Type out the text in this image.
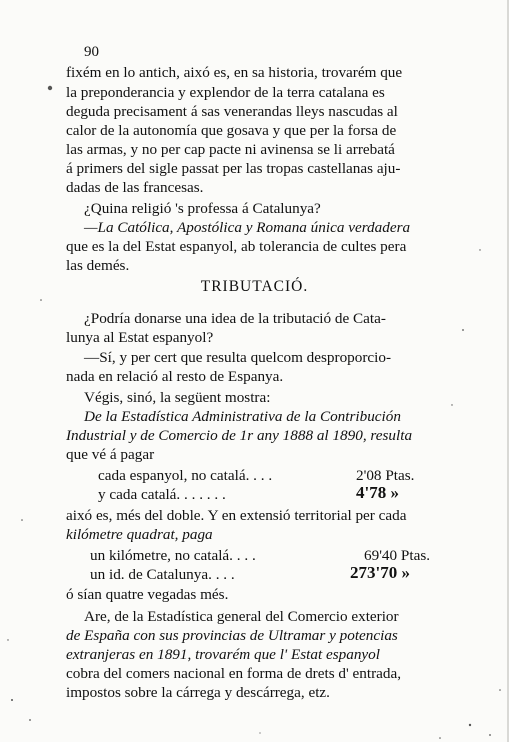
90
fixém en lo antich, aixó es, en sa historia, trovarém que
la preponderancia y explendor de la terra catalana es
deguda precisament á sas venerandas lleys nascudas al
calor de la autonomía que gosava y que per la forsa de
las armas, y no per cap pacte ni avinensa se li arrebatá
á primers del sigle passat per las tropas castellanas aju-
dadas de las francesas.
¿Quina religió 's professa á Catalunya?
—La Católica, Apostólica y Romana única verdadera
que es la del Estat espanyol, ab tolerancia de cultes pera
las demés.
TRIBUTACIÓ.
¿Podría donarse una idea de la tributació de Cata-
lunya al Estat espanyol?
—Sí, y per cert que resulta quelcom desproporcio-
nada en relació al resto de Espanya.
Végis, sinó, la següent mostra:
De la Estadística Administrativa de la Contribución
Industrial y de Comercio de 1r any 1888 al 1890, resulta
que vé á pagar
cada espanyol, no catalá. . . .	2'08 Ptas.
y cada catalá. . . . . . .	4'78 »
aixó es, més del doble. Y en extensió territorial per cada
kilómetre quadrat, paga
un kilómetre, no catalá. . . .	69'40 Ptas.
un id. de Catalunya. . . .	273'70 »
ó sían quatre vegadas més.
Are, de la Estadística general del Comercio exterior
de España con sus provincias de Ultramar y potencias
extranjeras en 1891, trovarém que l' Estat espanyol
cobra del comers nacional en forma de drets d' entrada,
impostos sobre la cárrega y descárrega, etz.
